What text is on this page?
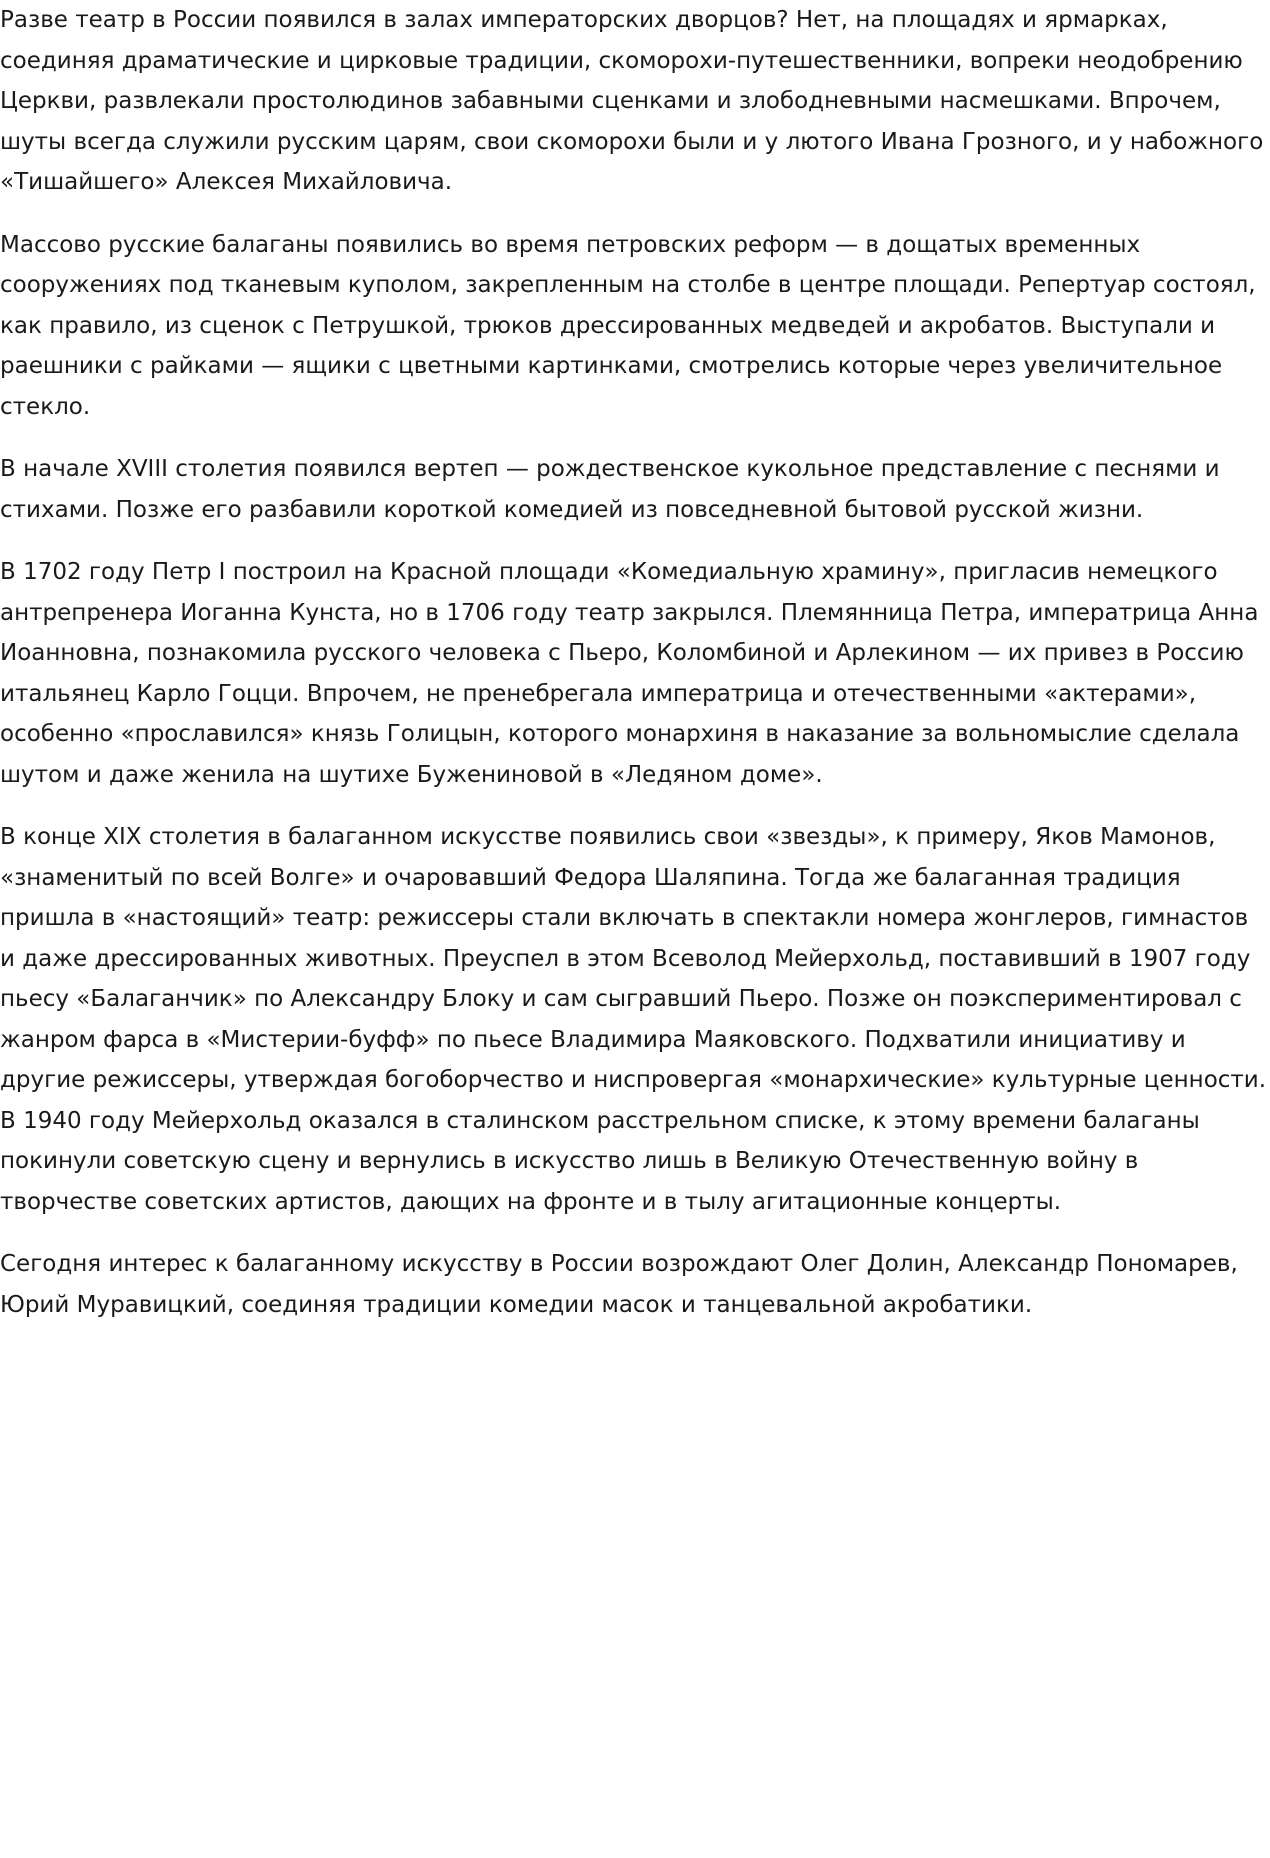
Разве театр в России появился в залах императорских дворцов? Нет, на площадях и ярмарках, соединяя драматические и цирковые традиции, скоморохи-путешественники, вопреки неодобрению Церкви, развлекали простолюдинов забавными сценками и злободневными насмешками. Впрочем, шуты всегда служили русским царям, свои скоморохи были и у лютого Ивана Грозного, и у набожного «Тишайшего» Алексея Михайловича.

Массово русские балаганы появились во время петровских реформ — в дощатых временных сооружениях под тканевым куполом, закрепленным на столбе в центре площади. Репертуар состоял, как правило, из сценок с Петрушкой, трюков дрессированных медведей и акробатов. Выступали и раешники с райками — ящики с цветными картинками, смотрелись которые через увеличительное стекло.

В начале XVIII столетия появился вертеп — рождественское кукольное представление с песнями и стихами. Позже его разбавили короткой комедией из повседневной бытовой русской жизни.

В 1702 году Петр I построил на Красной площади «Комедиальную храмину», пригласив немецкого антрепренера Иоганна Кунста, но в 1706 году театр закрылся. Племянница Петра, императрица Анна Иоанновна, познакомила русского человека с Пьеро, Коломбиной и Арлекином — их привез в Россию итальянец Карло Гоцци. Впрочем, не пренебрегала императрица и отечественными «актерами», особенно «прославился» князь Голицын, которого монархиня в наказание за вольномыслие сделала шутом и даже женила на шутихе Бужениновой в «Ледяном доме».

В конце XIX столетия в балаганном искусстве появились свои «звезды», к примеру, Яков Мамонов, «знаменитый по всей Волге» и очаровавший Федора Шаляпина. Тогда же балаганная традиция пришла в «настоящий» театр: режиссеры стали включать в спектакли номера жонглеров, гимнастов и даже дрессированных животных. Преуспел в этом Всеволод Мейерхольд, поставивший в 1907 году пьесу «Балаганчик» по Александру Блоку и сам сыгравший Пьеро. Позже он поэкспериментировал с жанром фарса в «Мистерии-буфф» по пьесе Владимира Маяковского. Подхватили инициативу и другие режиссеры, утверждая богоборчество и ниспровергая «монархические» культурные ценности. В 1940 году Мейерхольд оказался в сталинском расстрельном списке, к этому времени балаганы покинули советскую сцену и вернулись в искусство лишь в Великую Отечественную войну в творчестве советских артистов, дающих на фронте и в тылу агитационные концерты.

Сегодня интерес к балаганному искусству в России возрождают Олег Долин, Александр Пономарев, Юрий Муравицкий, соединяя традиции комедии масок и танцевальной акробатики.
